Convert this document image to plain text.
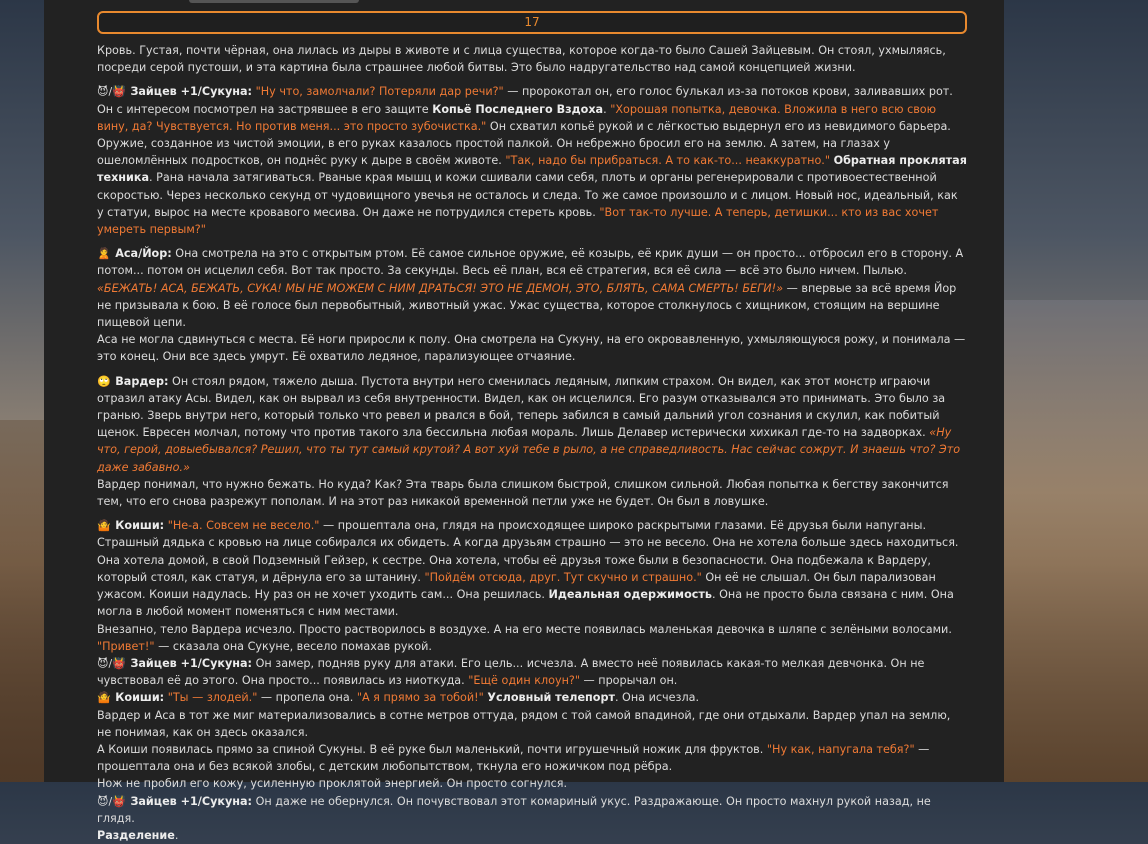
17

Кровь. Густая, почти чёрная, она лилась из дыры в животе и с лица существа, которое когда-то было Сашей Зайцевым. Он стоял, ухмыляясь, посреди серой пустоши, и эта картина была страшнее любой битвы. Это было надругательство над самой концепцией жизни.

😈/👹 Зайцев +1/Сукуна: "Ну что, замолчали? Потеряли дар речи?" — пророкотал он, его голос булькал из-за потоков крови, заливавших рот. Он с интересом посмотрел на застрявшее в его защите Копьё Последнего Вздоха. "Хорошая попытка, девочка. Вложила в него всю свою вину, да? Чувствуется. Но против меня... это просто зубочистка." Он схватил копьё рукой и с лёгкостью выдернул его из невидимого барьера. Оружие, созданное из чистой эмоции, в его руках казалось простой палкой. Он небрежно бросил его на землю. А затем, на глазах у ошеломлённых подростков, он поднёс руку к дыре в своём животе. "Так, надо бы прибраться. А то как-то... неаккуратно." Обратная проклятая техника. Рана начала затягиваться. Рваные края мышц и кожи сшивали сами себя, плоть и органы регенерировали с противоестественной скоростью. Через несколько секунд от чудовищного увечья не осталось и следа. То же самое произошло и с лицом. Новый нос, идеальный, как у статуи, вырос на месте кровавого месива. Он даже не потрудился стереть кровь. "Вот так-то лучше. А теперь, детишки... кто из вас хочет умереть первым?"

🙎 Аса/Йор: Она смотрела на это с открытым ртом. Её самое сильное оружие, её козырь, её крик души — он просто... отбросил его в сторону. А потом... потом он исцелил себя. Вот так просто. За секунды. Весь её план, вся её стратегия, вся её сила — всё это было ничем. Пылью.
«БЕЖАТЬ! АСА, БЕЖАТЬ, СУКА! МЫ НЕ МОЖЕМ С НИМ ДРАТЬСЯ! ЭТО НЕ ДЕМОН, ЭТО, БЛЯТЬ, САМА СМЕРТЬ! БЕГИ!» — впервые за всё время Йор не призывала к бою. В её голосе был первобытный, животный ужас. Ужас существа, которое столкнулось с хищником, стоящим на вершине пищевой цепи.
Аса не могла сдвинуться с места. Её ноги приросли к полу. Она смотрела на Сукуну, на его окровавленную, ухмыляющуюся рожу, и понимала — это конец. Они все здесь умрут. Её охватило ледяное, парализующее отчаяние.

🙄 Вардер: Он стоял рядом, тяжело дыша. Пустота внутри него сменилась ледяным, липким страхом. Он видел, как этот монстр играючи отразил атаку Асы. Видел, как он вырвал из себя внутренности. Видел, как он исцелился. Его разум отказывался это принимать. Это было за гранью. Зверь внутри него, который только что ревел и рвался в бой, теперь забился в самый дальний угол сознания и скулил, как побитый щенок. Евресен молчал, потому что против такого зла бессильна любая мораль. Лишь Делавер истерически хихикал где-то на задворках. «Ну что, герой, довыебывался? Решил, что ты тут самый крутой? А вот хуй тебе в рыло, а не справедливость. Нас сейчас сожрут. И знаешь что? Это даже забавно.»
Вардер понимал, что нужно бежать. Но куда? Как? Эта тварь была слишком быстрой, слишком сильной. Любая попытка к бегству закончится тем, что его снова разрежут пополам. И на этот раз никакой временной петли уже не будет. Он был в ловушке.

🤷 Коиши: "Не-а. Совсем не весело." — прошептала она, глядя на происходящее широко раскрытыми глазами. Её друзья были напуганы. Страшный дядька с кровью на лице собирался их обидеть. А когда друзьям страшно — это не весело. Она не хотела больше здесь находиться. Она хотела домой, в свой Подземный Гейзер, к сестре. Она хотела, чтобы её друзья тоже были в безопасности. Она подбежала к Вардеру, который стоял, как статуя, и дёрнула его за штанину. "Пойдём отсюда, друг. Тут скучно и страшно." Он её не слышал. Он был парализован ужасом. Коиши надулась. Ну раз он не хочет уходить сам... Она решилась. Идеальная одержимость. Она не просто была связана с ним. Она могла в любой момент поменяться с ним местами.
Внезапно, тело Вардера исчезло. Просто растворилось в воздухе. А на его месте появилась маленькая девочка в шляпе с зелёными волосами. "Привет!" — сказала она Сукуне, весело помахав рукой.

😈/👹 Зайцев +1/Сукуна: Он замер, подняв руку для атаки. Его цель... исчезла. А вместо неё появилась какая-то мелкая девчонка. Он не чувствовал её до этого. Она просто... появилась из ниоткуда. "Ещё один клоун?" — прорычал он.

🤷 Коиши: "Ты — злодей." — пропела она. "А я прямо за тобой!" Условный телепорт. Она исчезла.
Вардер и Аса в тот же миг материализовались в сотне метров оттуда, рядом с той самой впадиной, где они отдыхали. Вардер упал на землю, не понимая, как он здесь оказался.
А Коиши появилась прямо за спиной Сукуны. В её руке был маленький, почти игрушечный ножик для фруктов. "Ну как, напугала тебя?" — прошептала она и без всякой злобы, с детским любопытством, ткнула его ножичком под рёбра.
Нож не пробил его кожу, усиленную проклятой энергией. Он просто согнулся.

😈/👹 Зайцев +1/Сукуна: Он даже не обернулся. Он почувствовал этот комариный укус. Раздражающе. Он просто махнул рукой назад, не глядя.
Разделение.
